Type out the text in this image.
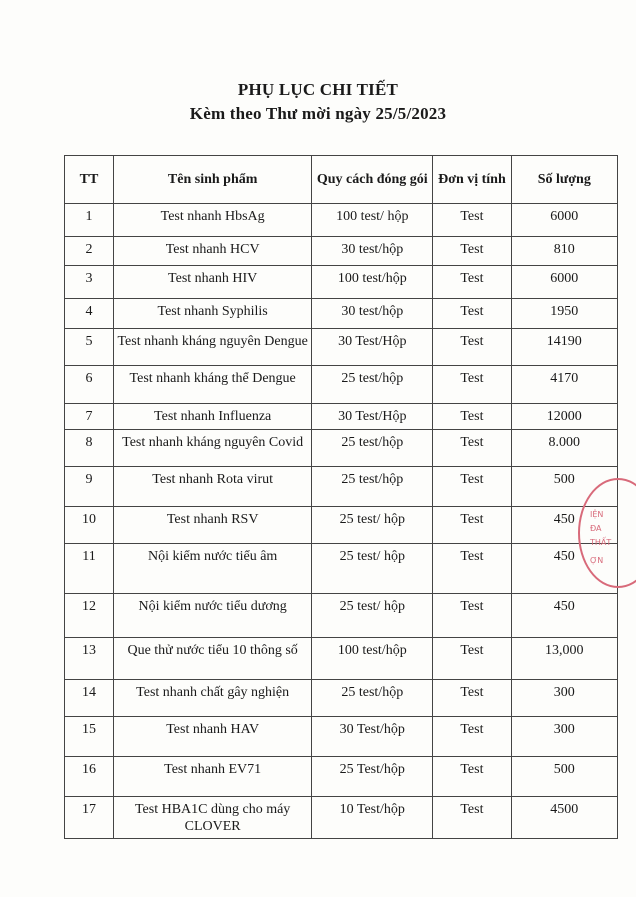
PHỤ LỤC CHI TIẾT
Kèm theo Thư mời ngày 25/5/2023
TT	Tên sinh phẩm	Quy cách đóng gói	Đơn vị tính	Số lượng
1	Test nhanh HbsAg	100 test/ hộp	Test	6000
2	Test nhanh HCV	30 test/hộp	Test	810
3	Test nhanh HIV	100 test/hộp	Test	6000
4	Test nhanh Syphilis	30 test/hộp	Test	1950
5	Test nhanh kháng nguyên Dengue	30 Test/Hộp	Test	14190
6	Test nhanh kháng thể Dengue	25 test/hộp	Test	4170
7	Test nhanh Influenza	30 Test/Hộp	Test	12000
8	Test nhanh kháng nguyên Covid	25 test/hộp	Test	8.000
9	Test nhanh Rota virut	25 test/hộp	Test	500
10	Test nhanh RSV	25 test/ hộp	Test	450
11	Nội kiểm nước tiểu âm	25 test/ hộp	Test	450
12	Nội kiểm nước tiểu dương	25 test/ hộp	Test	450
13	Que thử nước tiểu 10 thông số	100 test/hộp	Test	13,000
14	Test nhanh chất gây nghiện	25 test/hộp	Test	300
15	Test nhanh HAV	30 Test/hộp	Test	300
16	Test nhanh EV71	25 Test/hộp	Test	500
17	Test HBA1C dùng cho máy CLOVER	10 Test/hộp	Test	4500
IỆN
ĐA
THẤT
ỢN
